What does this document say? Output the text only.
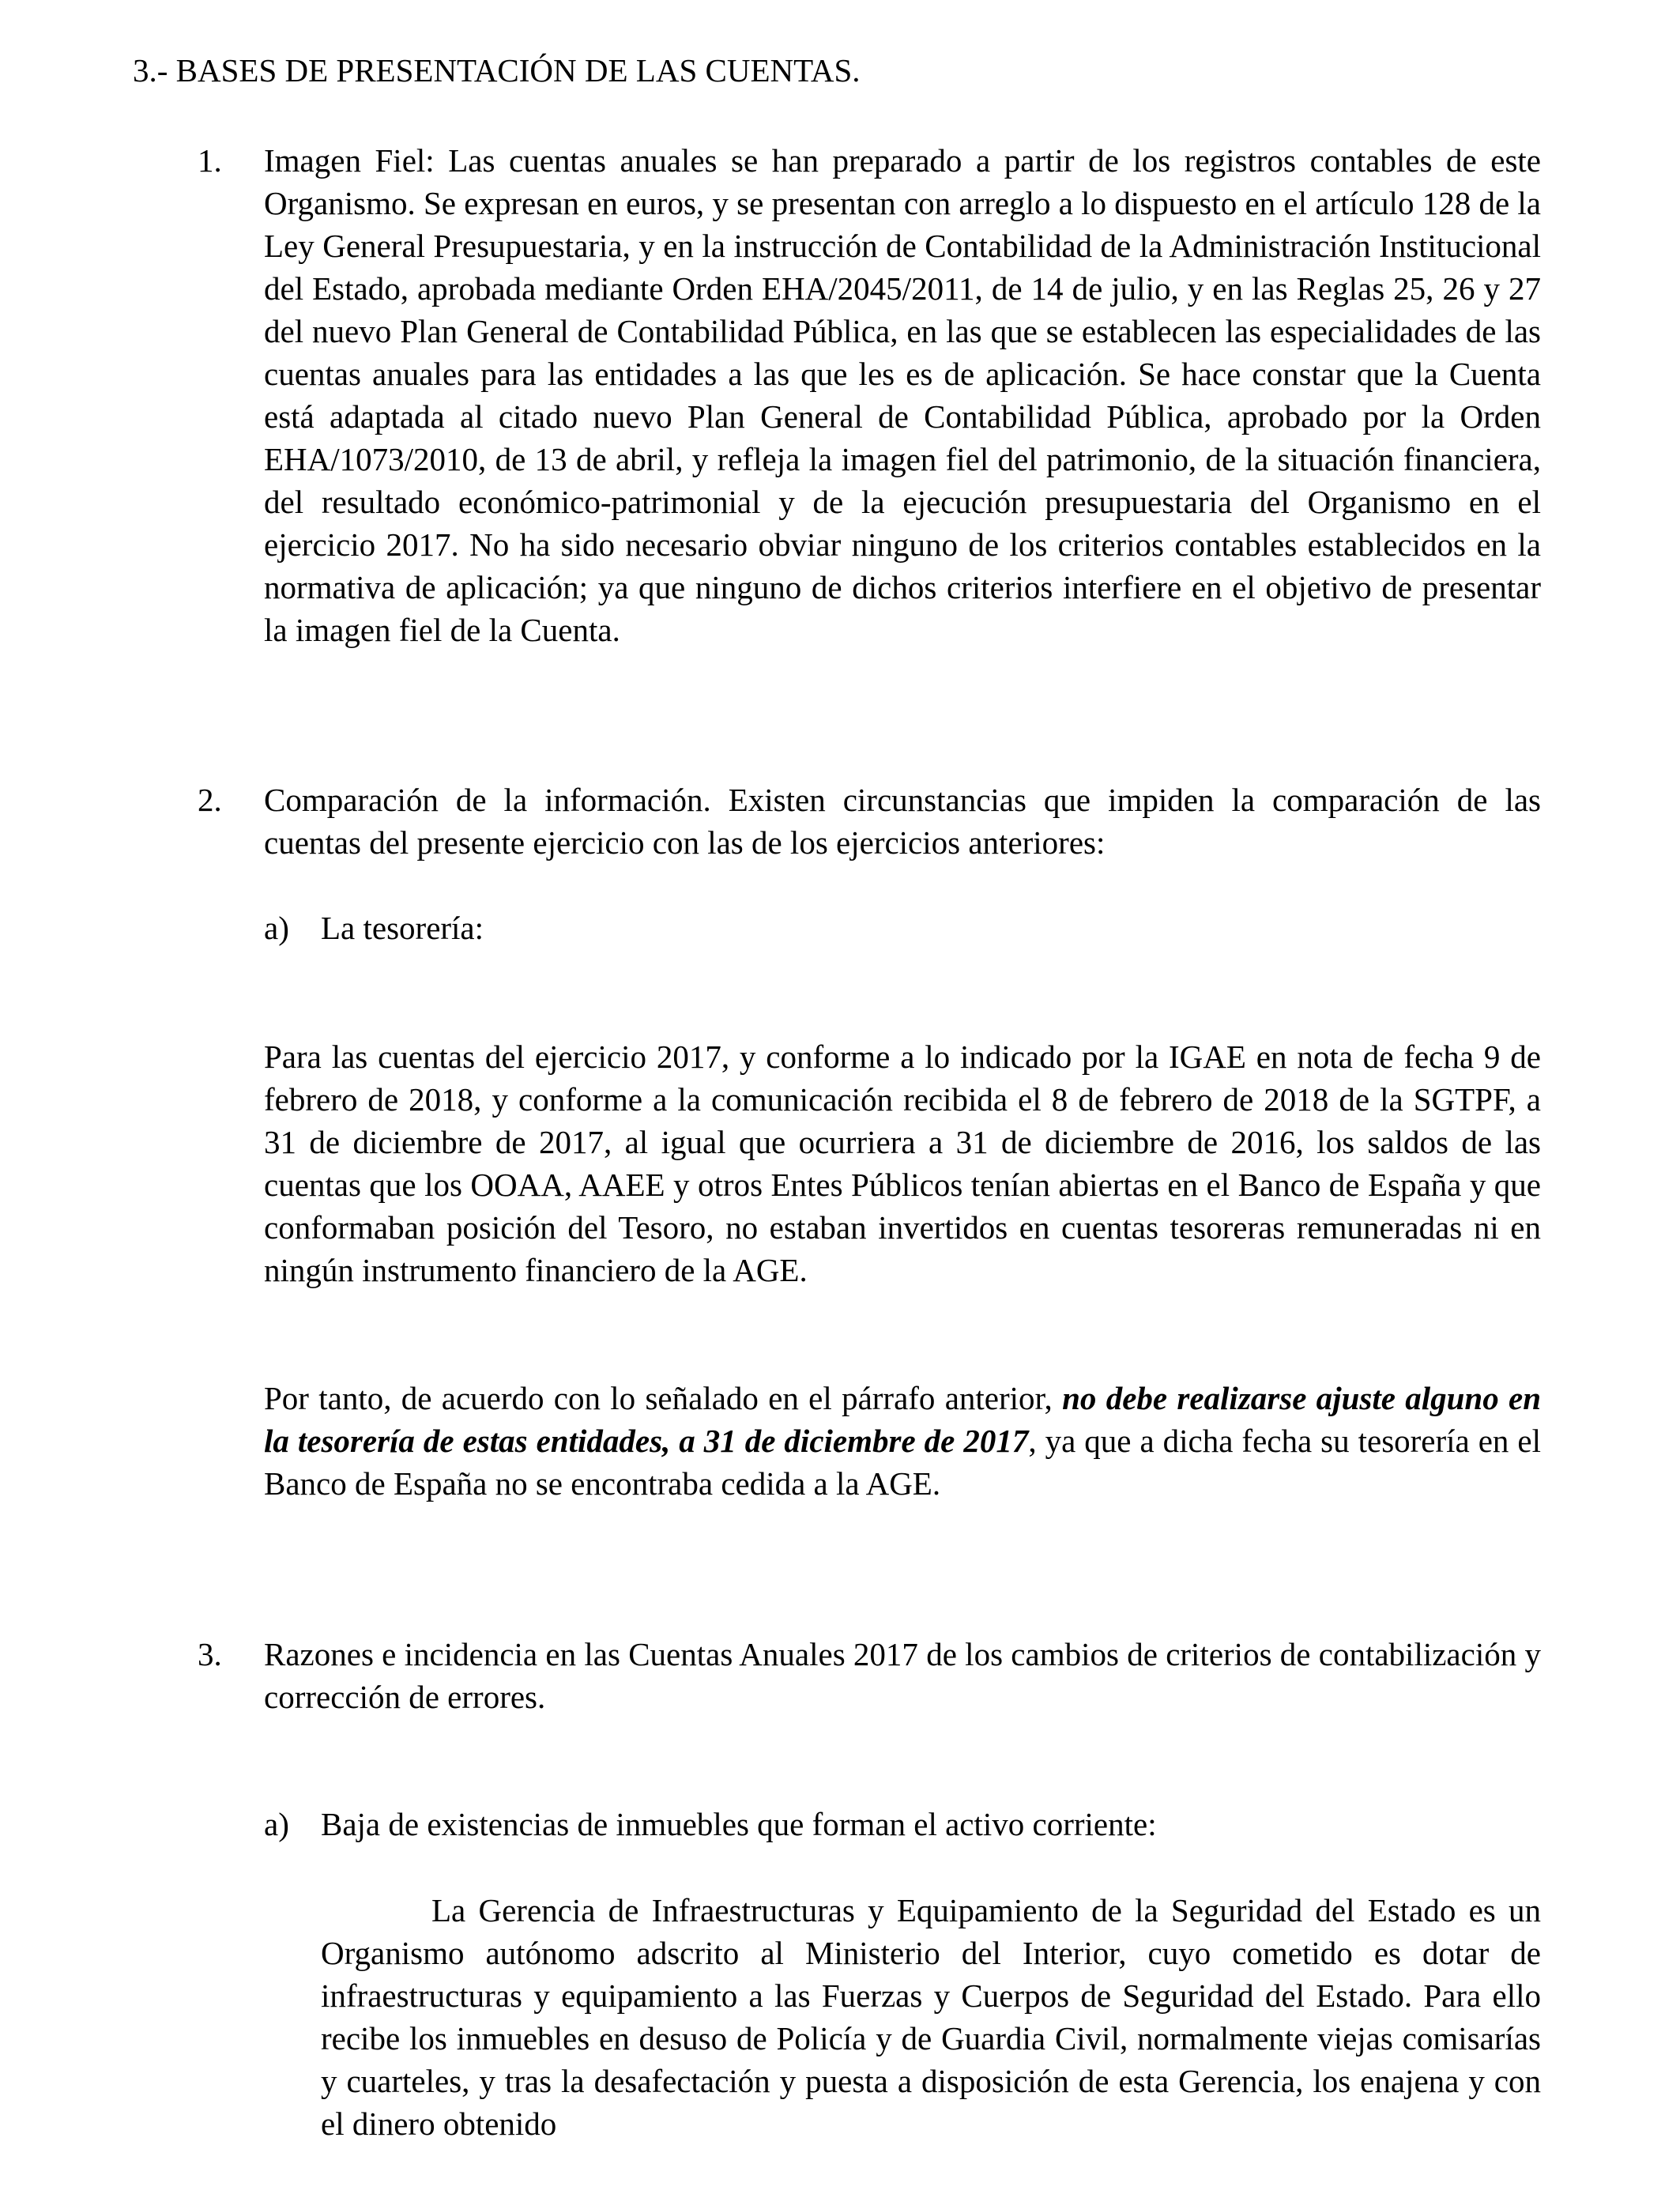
3.- BASES DE PRESENTACIÓN DE LAS CUENTAS.
1. Imagen Fiel: Las cuentas anuales se han preparado a partir de los registros contables de este Organismo. Se expresan en euros, y se presentan con arreglo a lo dispuesto en el artículo 128 de la Ley General Presupuestaria, y en la instrucción de Contabilidad de la Administración Institucional del Estado, aprobada mediante Orden EHA/2045/2011, de 14 de julio, y en las Reglas 25, 26 y 27 del nuevo Plan General de Contabilidad Pública, en las que se establecen las especialidades de las cuentas anuales para las entidades a las que les es de aplicación. Se hace constar que la Cuenta está adaptada al citado nuevo Plan General de Contabilidad Pública, aprobado por la Orden EHA/1073/2010, de 13 de abril, y refleja la imagen fiel del patrimonio, de la situación financiera, del resultado económico-patrimonial y de la ejecución presupuestaria del Organismo en el ejercicio 2017. No ha sido necesario obviar ninguno de los criterios contables establecidos en la normativa de aplicación; ya que ninguno de dichos criterios interfiere en el objetivo de presentar la imagen fiel de la Cuenta.

2. Comparación de la información. Existen circunstancias que impiden la comparación de las cuentas del presente ejercicio con las de los ejercicios anteriores:

a) La tesorería:

Para las cuentas del ejercicio 2017, y conforme a lo indicado por la IGAE en nota de fecha 9 de febrero de 2018, y conforme a la comunicación recibida el 8 de febrero de 2018 de la SGTPF, a 31 de diciembre de 2017, al igual que ocurriera a 31 de diciembre de 2016, los saldos de las cuentas que los OOAA, AAEE y otros Entes Públicos tenían abiertas en el Banco de España y que conformaban posición del Tesoro, no estaban invertidos en cuentas tesoreras remuneradas ni en ningún instrumento financiero de la AGE.

Por tanto, de acuerdo con lo señalado en el párrafo anterior, no debe realizarse ajuste alguno en la tesorería de estas entidades, a 31 de diciembre de 2017, ya que a dicha fecha su tesorería en el Banco de España no se encontraba cedida a la AGE.

3. Razones e incidencia en las Cuentas Anuales 2017 de los cambios de criterios de contabilización y corrección de errores.

a) Baja de existencias de inmuebles que forman el activo corriente:

La Gerencia de Infraestructuras y Equipamiento de la Seguridad del Estado es un Organismo autónomo adscrito al Ministerio del Interior, cuyo cometido es dotar de infraestructuras y equipamiento a las Fuerzas y Cuerpos de Seguridad del Estado. Para ello recibe los inmuebles en desuso de Policía y de Guardia Civil, normalmente viejas comisarías y cuarteles, y tras la desafectación y puesta a disposición de esta Gerencia, los enajena y con el dinero obtenido
